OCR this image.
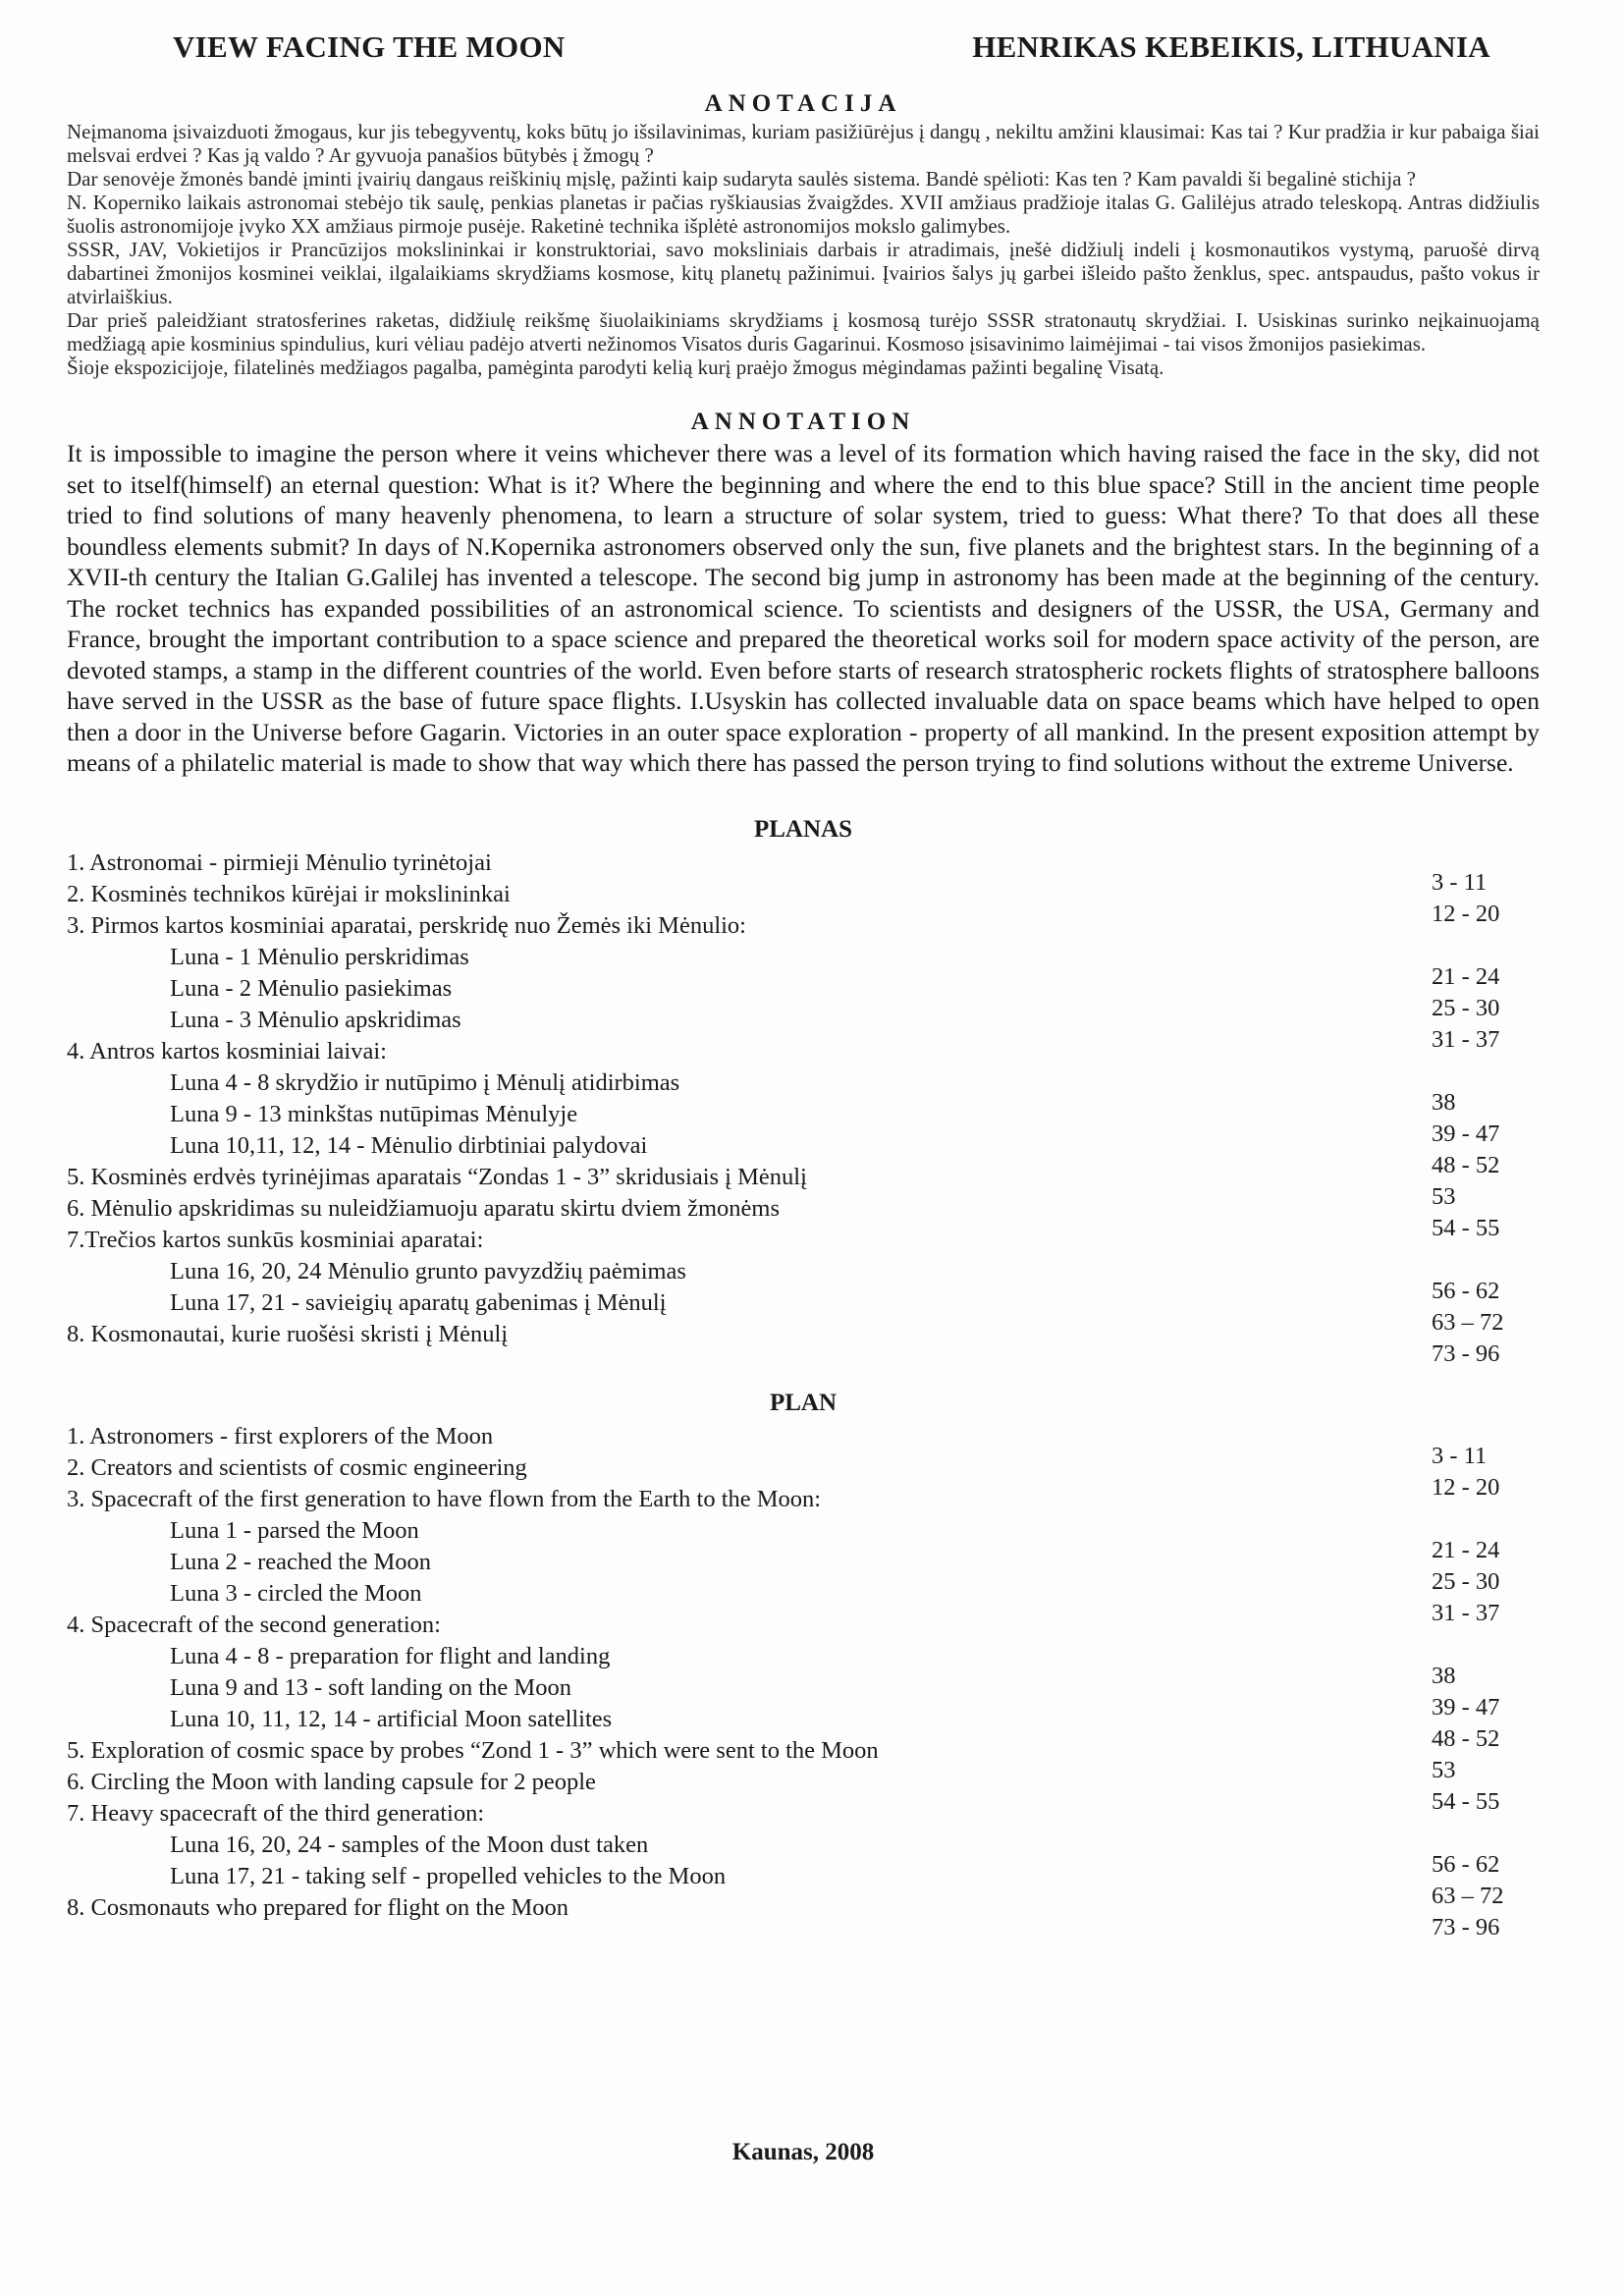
VIEW FACING THE MOON	HENRIKAS KEBEIKIS, LITHUANIA
ANOTACIJA

Neįmanoma įsivaizduoti žmogaus, kur jis tebegyventų, koks būtų jo išsilavinimas, kuriam pasižiūrėjus į dangų , nekiltu amžini klausimai: Kas tai ? Kur pradžia ir kur pabaiga šiai melsvai erdvei ? Kas ją valdo ? Ar gyvuoja panašios būtybės į žmogų ?

Dar senovėje žmonės bandė įminti įvairių dangaus reiškinių mįslę, pažinti kaip sudaryta saulės sistema. Bandė spėlioti: Kas ten ? Kam pavaldi ši begalinė stichija ?

N. Koperniko laikais astronomai stebėjo tik saulę, penkias planetas ir pačias ryškiausias žvaigždes. XVII amžiaus pradžioje italas G. Galilėjus atrado teleskopą. Antras didžiulis šuolis astronomijoje įvyko XX amžiaus pirmoje pusėje. Raketinė technika išplėtė astronomijos mokslo galimybes.

SSSR, JAV, Vokietijos ir Prancūzijos mokslininkai ir konstruktoriai, savo moksliniais darbais ir atradimais, įnešė didžiulį indeli į kosmonautikos vystymą, paruošė dirvą dabartinei žmonijos kosminei veiklai, ilgalaikiams skrydžiams kosmose, kitų planetų pažinimui. Įvairios šalys jų garbei išleido pašto ženklus, spec. antspaudus, pašto vokus ir atvirlaiškius.

Dar prieš paleidžiant stratosferines raketas, didžiulę reikšmę šiuolaikiniams skrydžiams į kosmosą turėjo SSSR stratonautų skrydžiai. I. Usiskinas surinko neįkainuojamą medžiagą apie kosminius spindulius, kuri vėliau padėjo atverti nežinomos Visatos duris Gagarinui. Kosmoso įsisavinimo laimėjimai - tai visos žmonijos pasiekimas.

Šioje ekspozicijoje, filatelinės medžiagos pagalba, pamėginta parodyti kelią kurį praėjo žmogus mėgindamas pažinti begalinę Visatą.

ANNOTATION

It is impossible to imagine the person where it veins whichever there was a level of its formation which having raised the face in the sky, did not set to itself(himself) an eternal question: What is it? Where the beginning and where the end to this blue space? Still in the ancient time people tried to find solutions of many heavenly phenomena, to learn a structure of solar system, tried to guess: What there? To that does all these boundless elements submit? In days of N.Kopernika astronomers observed only the sun, five planets and the brightest stars. In the beginning of a XVII-th century the Italian G.Galilej has invented a telescope. The second big jump in astronomy has been made at the beginning of the century. The rocket technics has expanded possibilities of an astronomical science. To scientists and designers of the USSR, the USA, Germany and France, brought the important contribution to a space science and prepared the theoretical works soil for modern space activity of the person, are devoted stamps, a stamp in the different countries of the world. Even before starts of research stratospheric rockets flights of stratosphere balloons have served in the USSR as the base of future space flights. I.Usyskin has collected invaluable data on space beams which have helped to open then a door in the Universe before Gagarin. Victories in an outer space exploration - property of all mankind. In the present exposition attempt by means of a philatelic material is made to show that way which there has passed the person trying to find solutions without the extreme Universe.

PLANAS
1. Astronomai - pirmieji Mėnulio tyrinėtojai
2. Kosminės technikos kūrėjai ir mokslininkai
3. Pirmos kartos kosminiai aparatai, perskridę nuo Žemės iki Mėnulio:
Luna - 1 Mėnulio perskridimas
Luna - 2 Mėnulio pasiekimas
Luna - 3 Mėnulio apskridimas
4. Antros kartos kosminiai laivai:
Luna 4 - 8 skrydžio ir nutūpimo į Mėnulį atidirbimas
Luna 9 - 13 minkštas nutūpimas Mėnulyje
Luna 10,11, 12, 14 - Mėnulio dirbtiniai palydovai
5. Kosminės erdvės tyrinėjimas aparatais “Zondas 1 - 3” skridusiais į Mėnulį
6. Mėnulio apskridimas su nuleidžiamuoju aparatu skirtu dviem žmonėms
7.Trečios kartos sunkūs kosminiai aparatai:
Luna 16, 20, 24 Mėnulio grunto pavyzdžių paėmimas
Luna 17, 21 - savieigių aparatų gabenimas į Mėnulį
8. Kosmonautai, kurie ruošėsi skristi į Mėnulį
3 - 11
12 - 20
21 - 24
25 - 30
31 - 37
38
39 - 47
48 - 52
53
54 - 55
56 - 62
63 – 72
73 - 96
PLAN
1. Astronomers - first explorers of the Moon
2. Creators and scientists of cosmic engineering
3. Spacecraft of the first generation to have flown from the Earth to the Moon:
Luna 1 - parsed the Moon
Luna 2 - reached the Moon
Luna 3 - circled the Moon
4. Spacecraft of the second generation:
Luna 4 - 8 - preparation for flight and landing
Luna 9 and 13 - soft landing on the Moon
Luna 10, 11, 12, 14 - artificial Moon satellites
5. Exploration of cosmic space by probes “Zond 1 - 3” which were sent to the Moon
6. Circling the Moon with landing capsule for 2 people
7. Heavy spacecraft of the third generation:
Luna 16, 20, 24 - samples of the Moon dust taken
Luna 17, 21 - taking self - propelled vehicles to the Moon
8. Cosmonauts who prepared for flight on the Moon
3 - 11
12 - 20
21 - 24
25 - 30
31 - 37
38
39 - 47
48 - 52
53
54 - 55
56 - 62
63 – 72
73 - 96
Kaunas, 2008
